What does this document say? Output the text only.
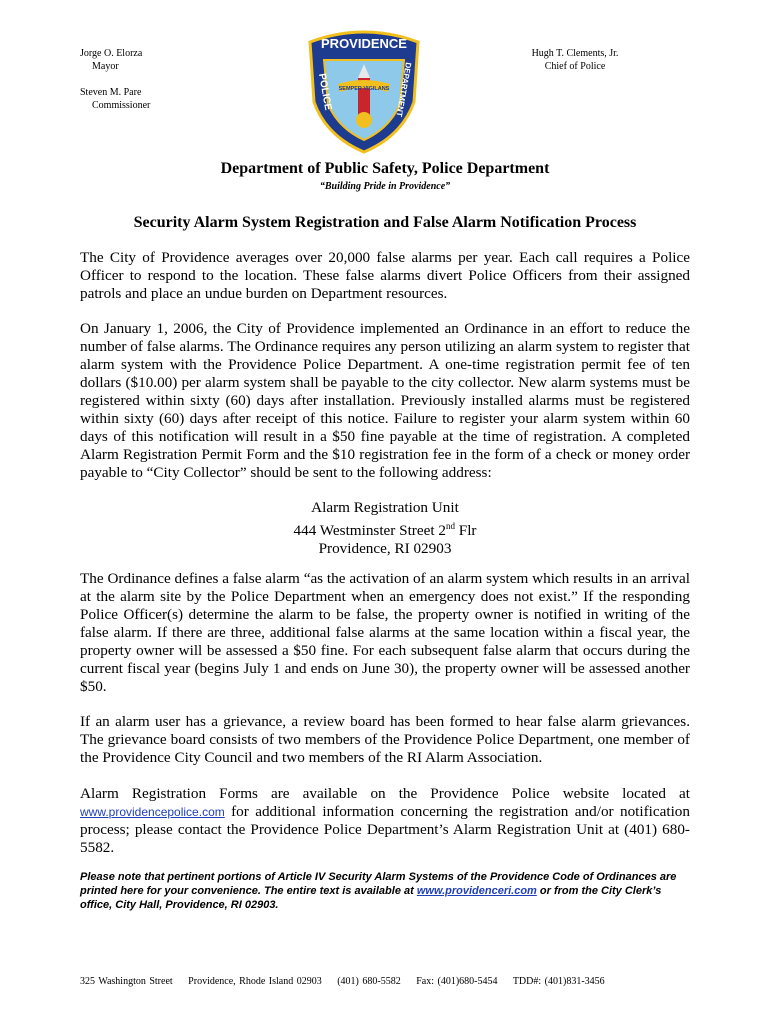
Jorge O. Elorza
Mayor
Steven M. Pare
Commissioner
Hugh T. Clements, Jr.
Chief of Police
PROVIDENCE
SEMPER VIGILANS
POLICE	DEPARTMENT
Department of Public Safety, Police Department
“Building Pride in Providence”
Security Alarm System Registration and False Alarm Notification Process
The City of Providence averages over 20,000 false alarms per year. Each call requires a Police Officer to respond to the location. These false alarms divert Police Officers from their assigned patrols and place an undue burden on Department resources.
On January 1, 2006, the City of Providence implemented an Ordinance in an effort to reduce the number of false alarms. The Ordinance requires any person utilizing an alarm system to register that alarm system with the Providence Police Department. A one-time registration permit fee of ten dollars ($10.00) per alarm system shall be payable to the city collector. New alarm systems must be registered within sixty (60) days after installation. Previously installed alarms must be registered within sixty (60) days after receipt of this notice. Failure to register your alarm system within 60 days of this notification will result in a $50 fine payable at the time of registration. A completed Alarm Registration Permit Form and the $10 registration fee in the form of a check or money order payable to “City Collector” should be sent to the following address:
Alarm Registration Unit
444 Westminster Street 2nd Flr
Providence, RI 02903
The Ordinance defines a false alarm “as the activation of an alarm system which results in an arrival at the alarm site by the Police Department when an emergency does not exist.” If the responding Police Officer(s) determine the alarm to be false, the property owner is notified in writing of the false alarm. If there are three, additional false alarms at the same location within a fiscal year, the property owner will be assessed a $50 fine. For each subsequent false alarm that occurs during the current fiscal year (begins July 1 and ends on June 30), the property owner will be assessed another $50.
If an alarm user has a grievance, a review board has been formed to hear false alarm grievances. The grievance board consists of two members of the Providence Police Department, one member of the Providence City Council and two members of the RI Alarm Association.
Alarm Registration Forms are available on the Providence Police website located at
www.providencepolice.com for additional information concerning the registration and/or notification process; please contact the Providence Police Department’s Alarm Registration Unit at (401) 680-5582.
Please note that pertinent portions of Article IV Security Alarm Systems of the Providence Code of Ordinances are printed here for your convenience. The entire text is available at www.providenceri.com or from the City Clerk’s office, City Hall, Providence, RI 02903.
325 Washington Street Providence, Rhode Island 02903 (401) 680-5582 Fax: (401)680-5454 TDD#: (401)831-3456
